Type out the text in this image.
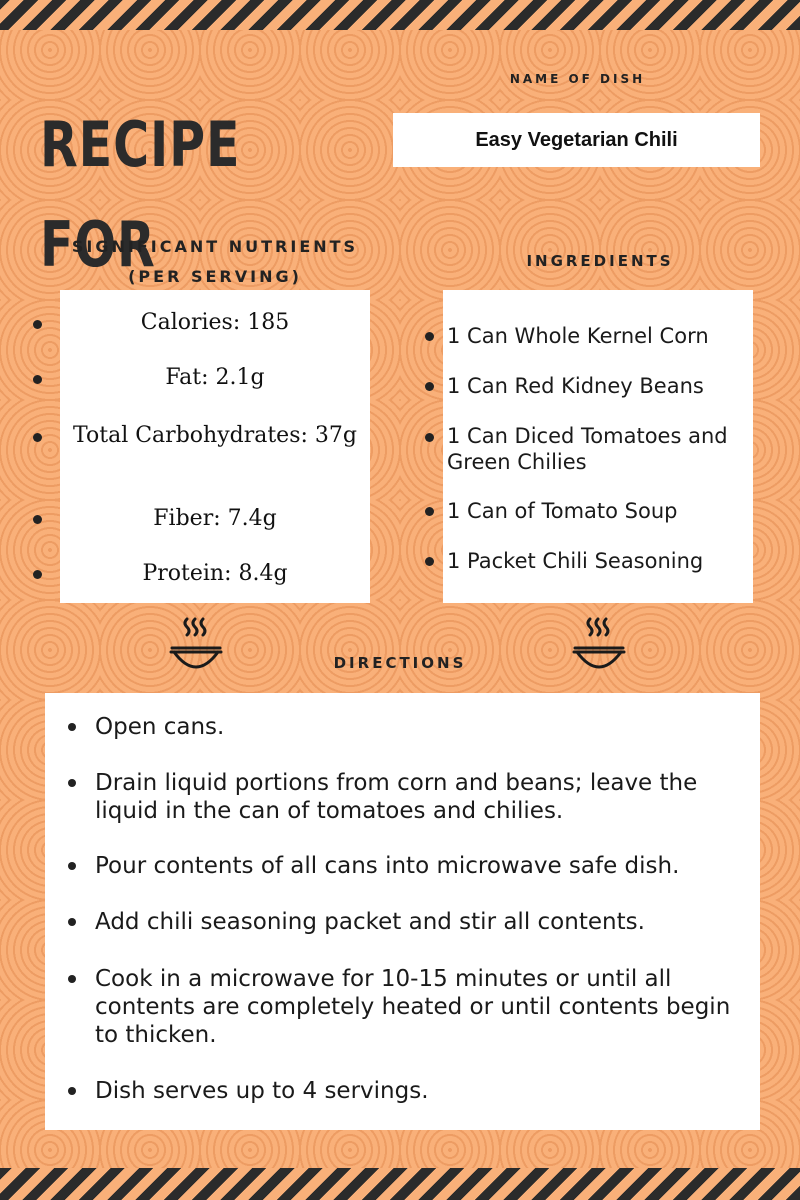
NAME OF DISH
RECIPE FOR
Easy Vegetarian Chili
SIGNIFICANT NUTRIENTS
(PER SERVING)
INGREDIENTS
Calories: 185
Fat: 2.1g
Total Carbohydrates: 37g
Fiber: 7.4g
Protein: 8.4g
1 Can Whole Kernel Corn
1 Can Red Kidney Beans
1 Can Diced Tomatoes and Green Chilies
1 Can of Tomato Soup
1 Packet Chili Seasoning
DIRECTIONS
Open cans.
Drain liquid portions from corn and beans; leave the liquid in the can of tomatoes and chilies.
Pour contents of all cans into microwave safe dish.
Add chili seasoning packet and stir all contents.
Cook in a microwave for 10-15 minutes or until all contents are completely heated or until contents begin to thicken.
Dish serves up to 4 servings.
